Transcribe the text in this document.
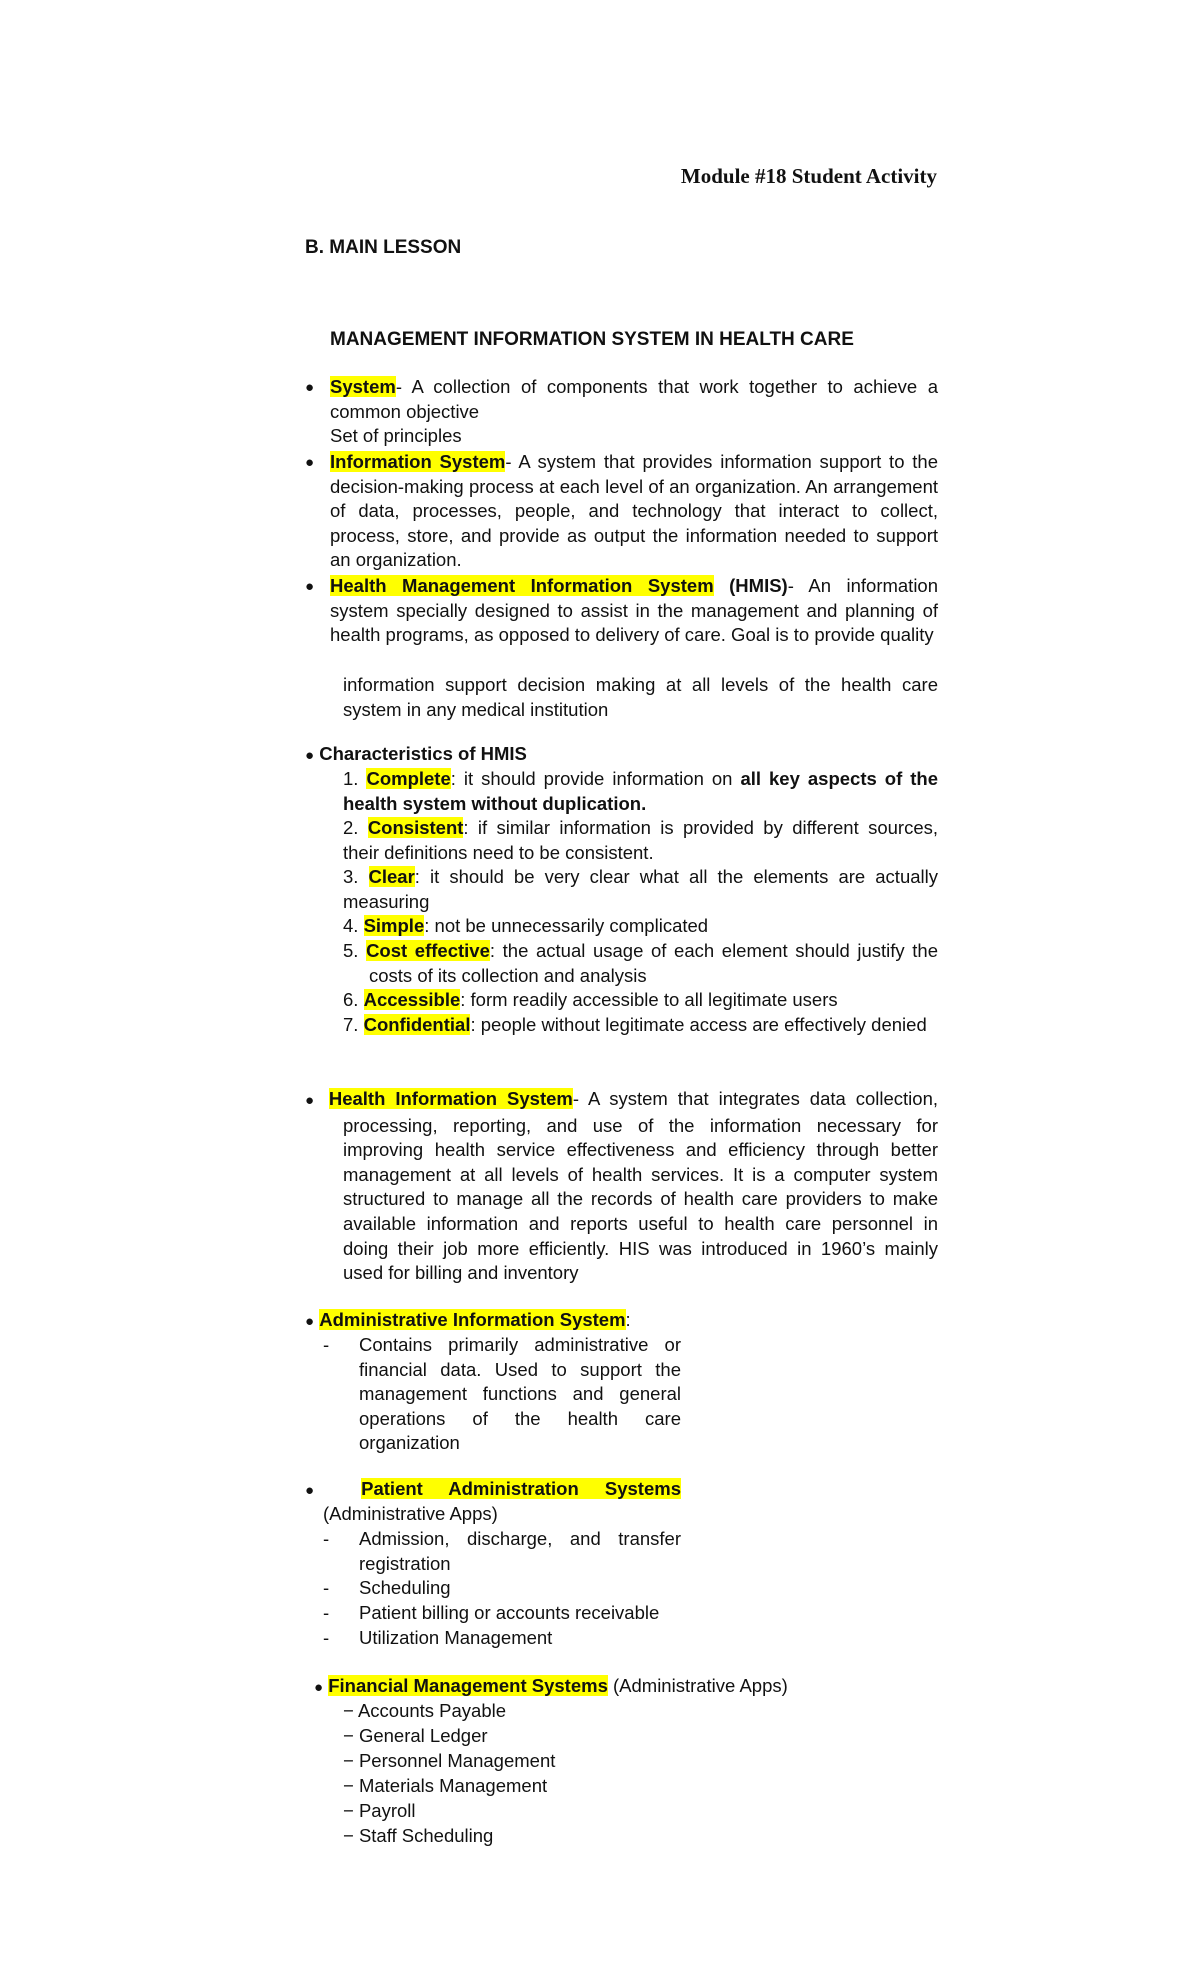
Module #18 Student Activity
B. MAIN LESSON
MANAGEMENT INFORMATION SYSTEM IN HEALTH CARE
● System- A collection of components that work together to achieve a common objective
Set of principles
● Information System- A system that provides information support to the decision-making process at each level of an organization. An arrangement of data, processes, people, and technology that interact to collect, process, store, and provide as output the information needed to support an organization.
● Health Management Information System (HMIS)- An information system specially designed to assist in the management and planning of health programs, as opposed to delivery of care. Goal is to provide quality
information support decision making at all levels of the health care system in any medical institution
● Characteristics of HMIS
1. Complete: it should provide information on all key aspects of the health system without duplication.
2. Consistent: if similar information is provided by different sources, their definitions need to be consistent.
3. Clear: it should be very clear what all the elements are actually measuring
4. Simple: not be unnecessarily complicated
5. Cost effective: the actual usage of each element should justify the costs of its collection and analysis
6. Accessible: form readily accessible to all legitimate users
7. Confidential: people without legitimate access are effectively denied
● Health Information System- A system that integrates data collection, processing, reporting, and use of the information necessary for improving health service effectiveness and efficiency through better management at all levels of health services. It is a computer system structured to manage all the records of health care providers to make available information and reports useful to health care personnel in doing their job more efficiently. HIS was introduced in 1960’s mainly used for billing and inventory
● Administrative Information System:
- Contains primarily administrative or financial data. Used to support the management functions and general operations of the health care organization
● Patient Administration Systems
(Administrative Apps)
- Admission, discharge, and transfer registration
- Scheduling
- Patient billing or accounts receivable
- Utilization Management
● Financial Management Systems (Administrative Apps)
− Accounts Payable
− General Ledger
− Personnel Management
− Materials Management
− Payroll
− Staff Scheduling
